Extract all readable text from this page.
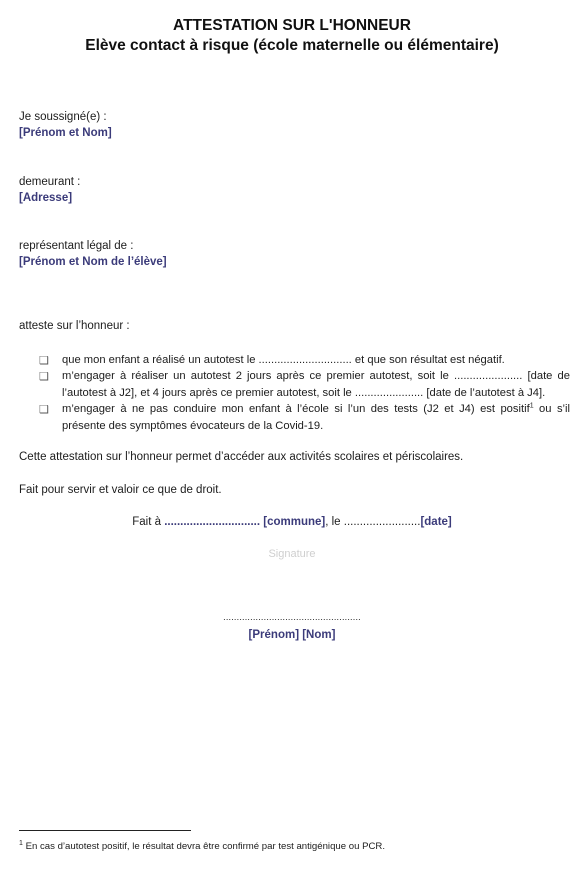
ATTESTATION SUR L'HONNEUR
Elève contact à risque (école maternelle ou élémentaire)
Je soussigné(e) :
[Prénom et Nom]
demeurant :
[Adresse]
représentant légal de :
[Prénom et Nom de l’élève]
atteste sur l’honneur :
❑ que mon enfant a réalisé un autotest le .............................. et que son résultat est négatif.
❑ m’engager à réaliser un autotest 2 jours après ce premier autotest, soit le ...................... [date de l’autotest à J2], et 4 jours après ce premier autotest, soit le ...................... [date de l’autotest à J4].
❑ m’engager à ne pas conduire mon enfant à l’école si l’un des tests (J2 et J4) est positif$^1$ ou s’il présente des symptômes évocateurs de la Covid-19.
Cette attestation sur l’honneur permet d’accéder aux activités scolaires et périscolaires.
Fait pour servir et valoir ce que de droit.
Fait à .............................. [commune], le ........................[date]
Signature
...................................................
[Prénom] [Nom]
$^1$ En cas d’autotest positif, le résultat devra être confirmé par test antigénique ou PCR.
